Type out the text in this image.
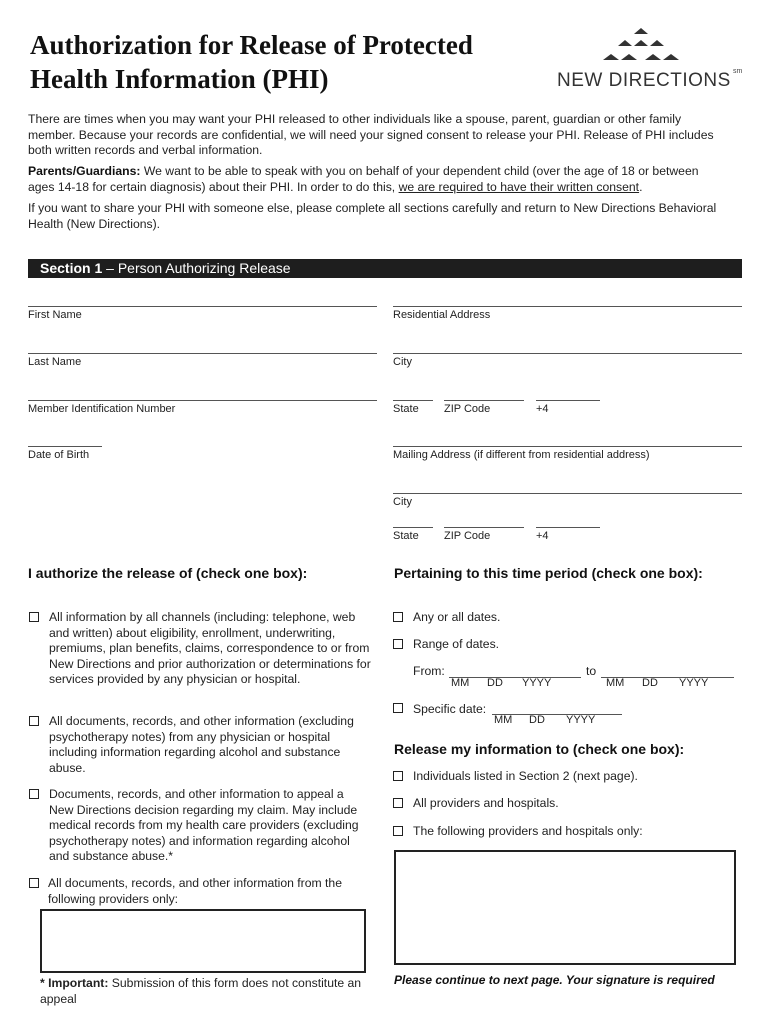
Authorization for Release of Protected
Health Information (PHI)	NEW DIRECTIONS sm
There are times when you may want your PHI released to other individuals like a spouse, parent, guardian or other family member. Because your records are confidential, we will need your signed consent to release your PHI. Release of PHI includes both written records and verbal information.
Parents/Guardians: We want to be able to speak with you on behalf of your dependent child (over the age of 18 or between ages 14-18 for certain diagnosis) about their PHI. In order to do this, we are required to have their written consent.
If you want to share your PHI with someone else, please complete all sections carefully and return to New Directions Behavioral Health (New Directions).
Section 1 – Person Authorizing Release
First Name
Last Name
Member Identification Number
Date of Birth
Residential Address
City
State ZIP Code	+4
Mailing Address (if different from residential address)
City
State ZIP Code	+4
I authorize the release of (check one box):
All information by all channels (including: telephone, web and written) about eligibility, enrollment, underwriting, premiums, plan benefits, claims, correspondence to or from New Directions and prior authorization or determinations for services provided by any physician or hospital.
All documents, records, and other information (excluding psychotherapy notes) from any physician or hospital including information regarding alcohol and substance abuse.
Documents, records, and other information to appeal a New Directions decision regarding my claim. May include medical records from my health care providers (excluding psychotherapy notes) and information regarding alcohol and substance abuse.*
All documents, records, and other information from the following providers only:
* Important: Submission of this form does not constitute an appeal
Pertaining to this time period (check one box):
Any or all dates.
Range of dates.
From:
MM DD YYYY
to
MM DD YYYY
Specific date:
MM DD YYYY
Release my information to (check one box):
Individuals listed in Section 2 (next page).
All providers and hospitals.
The following providers and hospitals only:
Please continue to next page. Your signature is required
